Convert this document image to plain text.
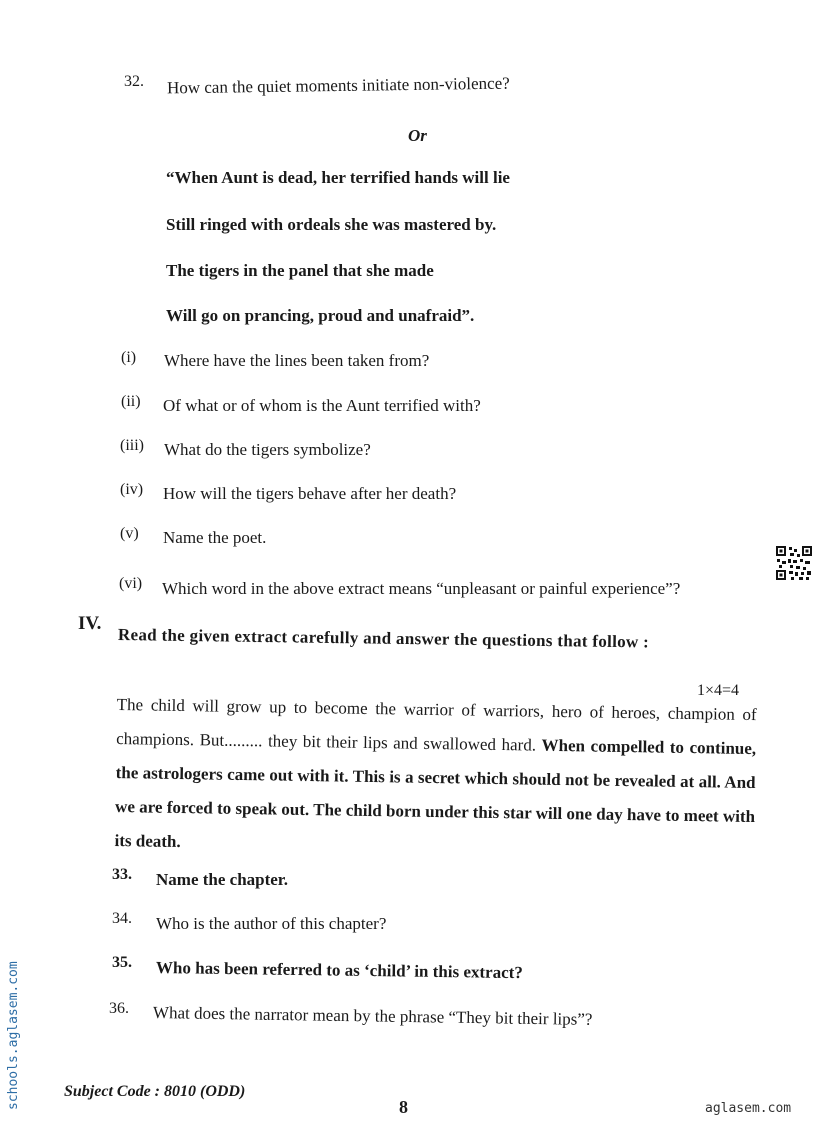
32. How can the quiet moments initiate non-violence?
Or
“When Aunt is dead, her terrified hands will lie
Still ringed with ordeals she was mastered by.
The tigers in the panel that she made
Will go on prancing, proud and unafraid”.
(i) Where have the lines been taken from?
(ii) Of what or of whom is the Aunt terrified with?
(iii) What do the tigers symbolize?
(iv) How will the tigers behave after her death?
(v) Name the poet.
(vi) Which word in the above extract means “unpleasant or painful experience”?
IV.
Read the given extract carefully and answer the questions that follow :
1×4=4
The child will grow up to become the warrior of warriors, hero of heroes, champion of champions. But......... they bit their lips and swallowed hard. When compelled to continue, the astrologers came out with it. This is a secret which should not be revealed at all. And we are forced to speak out. The child born under this star will one day have to meet with its death.
33. Name the chapter.
34. Who is the author of this chapter?
35. Who has been referred to as ‘child’ in this extract?
36. What does the narrator mean by the phrase “They bit their lips”?
Subject Code : 8010 (ODD)
8	aglasem.com
schools.aglasem.com
